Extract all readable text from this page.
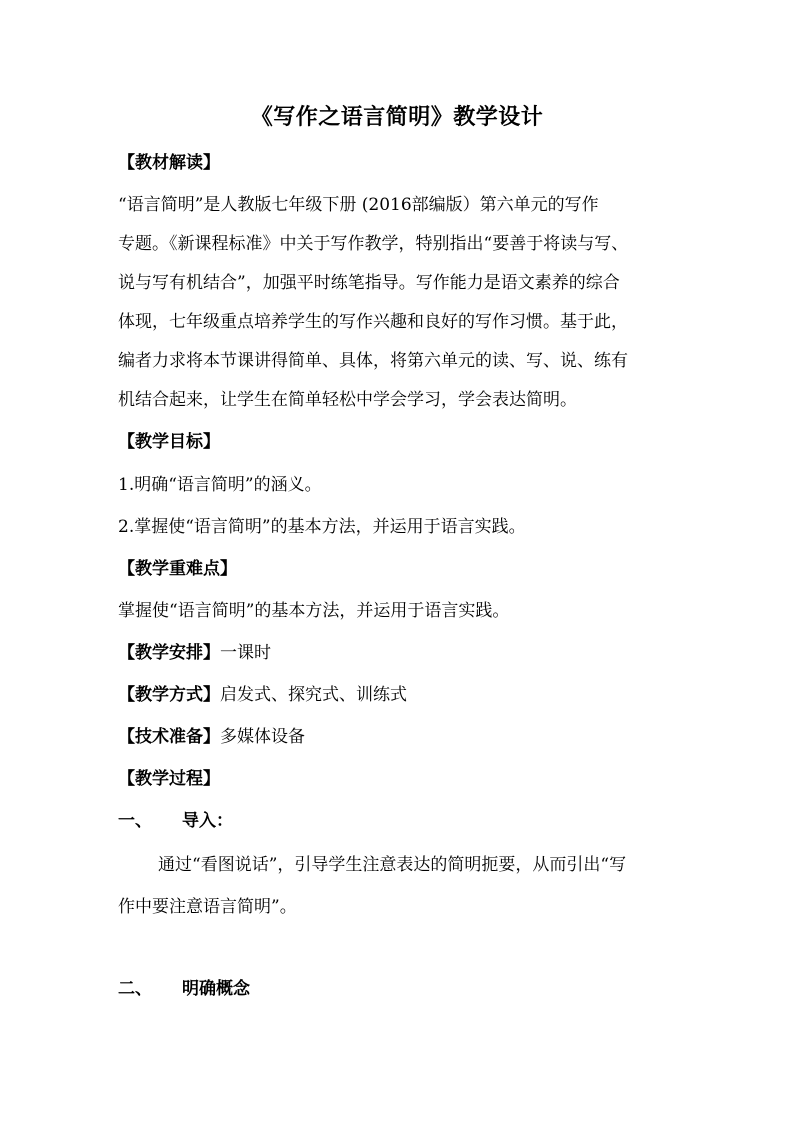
《写作之语言简明》教学设计
【教材解读】
“语言简明”是人教版七年级下册 (2016部编版）第六单元的写作
专题。《新课程标准》中关于写作教学，特别指出“要善于将读与写、
说与写有机结合”，加强平时练笔指导。写作能力是语文素养的综合
体现，七年级重点培养学生的写作兴趣和良好的写作习惯。基于此，
编者力求将本节课讲得简单、具体，将第六单元的读、写、说、练有
机结合起来，让学生在简单轻松中学会学习，学会表达简明。
【教学目标】
1.明确“语言简明”的涵义。
2.掌握使“语言简明”的基本方法，并运用于语言实践。
【教学重难点】
掌握使“语言简明”的基本方法，并运用于语言实践。
【教学安排】一课时
【教学方式】启发式、探究式、训练式
【技术准备】多媒体设备
【教学过程】
一、 导入：
通过“看图说话”，引导学生注意表达的简明扼要，从而引出“写
作中要注意语言简明”。
二、 明确概念
